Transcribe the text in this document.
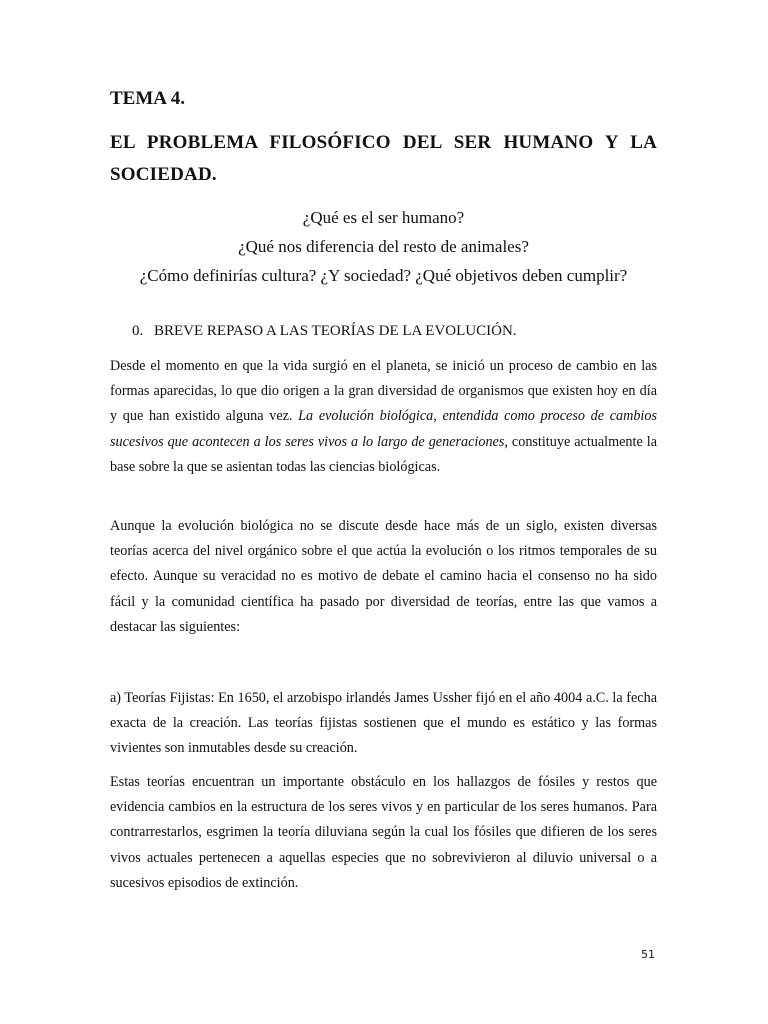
TEMA 4.
EL PROBLEMA FILOSÓFICO DEL SER HUMANO Y LA SOCIEDAD.
¿Qué es el ser humano?
¿Qué nos diferencia del resto de animales?
¿Cómo definirías cultura? ¿Y sociedad? ¿Qué objetivos deben cumplir?
0. BREVE REPASO A LAS TEORÍAS DE LA EVOLUCIÓN.

Desde el momento en que la vida surgió en el planeta, se inició un proceso de cambio en las formas aparecidas, lo que dio origen a la gran diversidad de organismos que existen hoy en día y que han existido alguna vez. La evolución biológica, entendida como proceso de cambios sucesivos que acontecen a los seres vivos a lo largo de generaciones, constituye actualmente la base sobre la que se asientan todas las ciencias biológicas.

Aunque la evolución biológica no se discute desde hace más de un siglo, existen diversas teorías acerca del nivel orgánico sobre el que actúa la evolución o los ritmos temporales de su efecto. Aunque su veracidad no es motivo de debate el camino hacia el consenso no ha sido fácil y la comunidad científica ha pasado por diversidad de teorías, entre las que vamos a destacar las siguientes:

a) Teorías Fijistas: En 1650, el arzobispo irlandés James Ussher fijó en el año 4004 a.C. la fecha exacta de la creación. Las teorías fijistas sostienen que el mundo es estático y las formas vivientes son inmutables desde su creación.

Estas teorías encuentran un importante obstáculo en los hallazgos de fósiles y restos que evidencia cambios en la estructura de los seres vivos y en particular de los seres humanos. Para contrarrestarlos, esgrimen la teoría diluviana según la cual los fósiles que difieren de los seres vivos actuales pertenecen a aquellas especies que no sobrevivieron al diluvio universal o a sucesivos episodios de extinción.

51
